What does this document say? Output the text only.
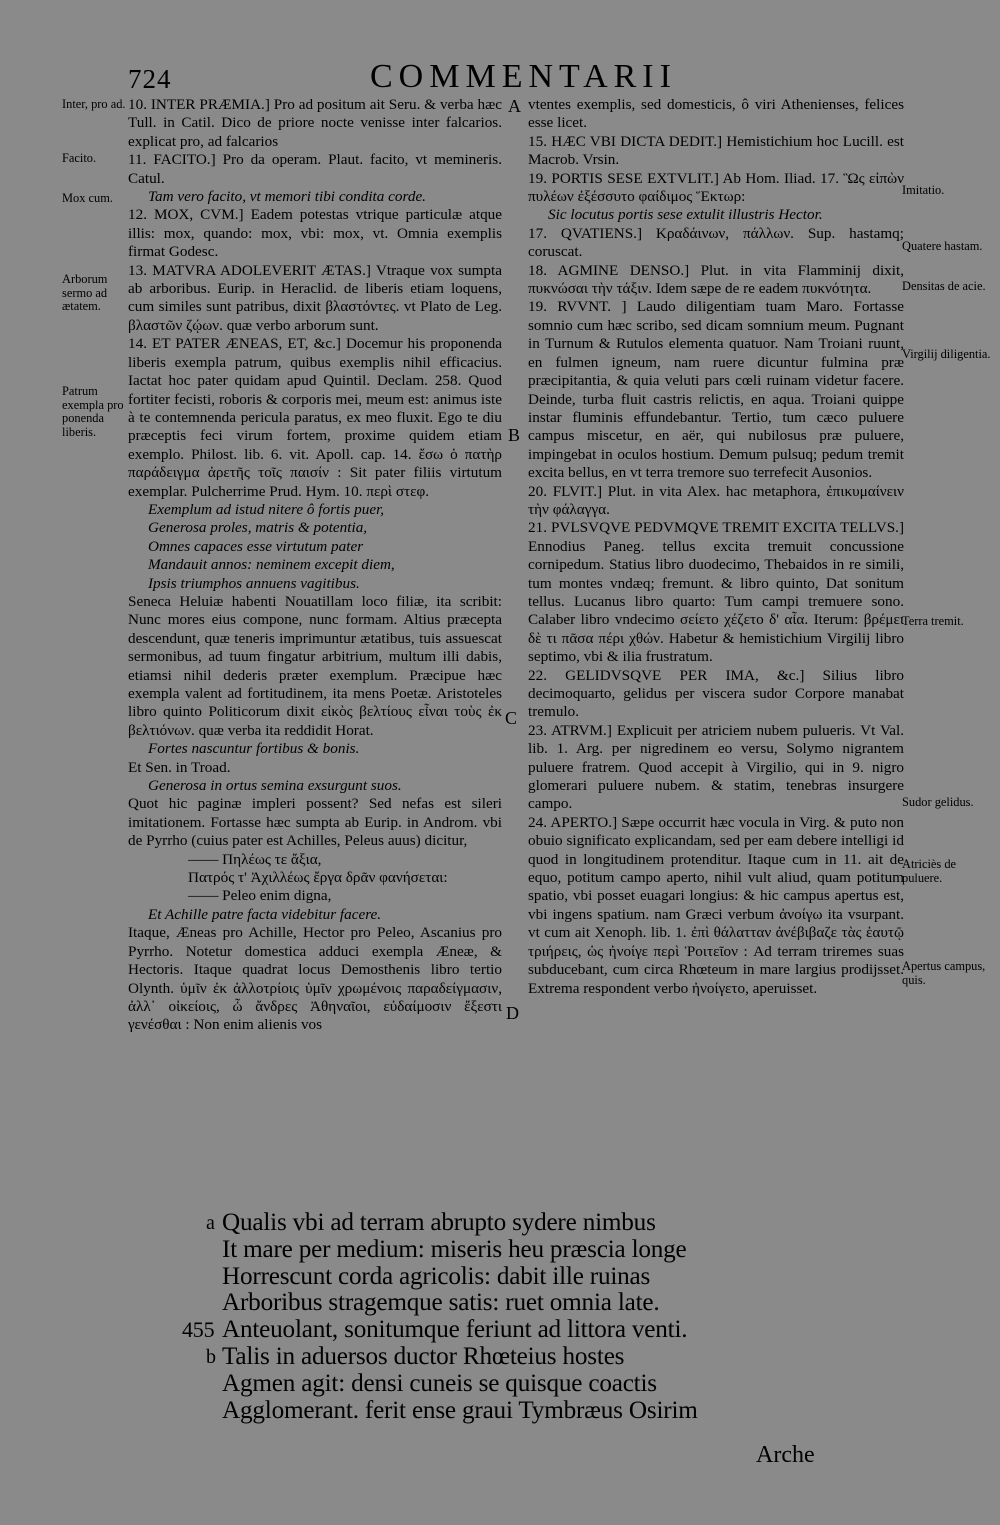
724	COMMENTARII
Inter, pro ad.
Facito.
Mox cum.
Arborum sermo ad ætatem.
Patrum exempla pro ponenda liberis.
Imitatio.
Quatere hastam.
Densitas de acie.
Virgilij diligentia.
Terra tremit.
Sudor gelidus.
Atriciès de puluere.
Apertus campus, quis.
A
B
C
D

10. INTER PRÆMIA.] Pro ad positum ait Seru. & verba hæc Tull. in Catil. Dico de priore nocte venisse inter falcarios. explicat pro, ad falcarios

11. FACITO.] Pro da operam. Plaut. facito, vt memineris. Catul.

Tam vero facito, vt memori tibi condita corde.

12. MOX, CVM.] Eadem potestas vtrique particulæ atque illis: mox, quando: mox, vbi: mox, vt. Omnia exemplis firmat Godesc.

13. MATVRA ADOLEVERIT ÆTAS.] Vtraque vox sumpta ab arboribus. Eurip. in Heraclid. de liberis etiam loquens, cum similes sunt patribus, dixit βλαστόντες. vt Plato de Leg. βλαστῶν ζῴων. quæ verbo arborum sunt.

14. ET PATER ÆNEAS, ET, &c.] Docemur his proponenda liberis exempla patrum, quibus exemplis nihil efficacius. Iactat hoc pater quidam apud Quintil. Declam. 258. Quod fortiter fecisti, roboris & corporis mei, meum est: animus iste à te contemnenda pericula paratus, ex meo fluxit. Ego te diu præceptis feci virum fortem, proxime quidem etiam exemplo. Philost. lib. 6. vit. Apoll. cap. 14. ἔσω ὁ πατὴρ παράδειγμα ἀρετῆς τοῖς παισίν : Sit pater filiis virtutum exemplar. Pulcherrime Prud. Hym. 10. περὶ στεφ.

Exemplum ad istud nitere ô fortis puer,

Generosa proles, matris & potentia,

Omnes capaces esse virtutum pater

Mandauit annos: neminem excepit diem,

Ipsis triumphos annuens vagitibus.

Seneca Heluiæ habenti Nouatillam loco filiæ, ita scribit: Nunc mores eius compone, nunc formam. Altius præcepta descendunt, quæ teneris imprimuntur ætatibus, tuis assuescat sermonibus, ad tuum fingatur arbitrium, multum illi dabis, etiamsi nihil dederis præter exemplum. Præcipue hæc exempla valent ad fortitudinem, ita mens Poetæ. Aristoteles libro quinto Politicorum dixit εἰκὸς βελτίους εἶναι τοὺς ἐκ βελτιόνων. quæ verba ita reddidit Horat.

Fortes nascuntur fortibus & bonis.

Et Sen. in Troad.

Generosa in ortus semina exsurgunt suos.

Quot hic paginæ impleri possent? Sed nefas est sileri imitationem. Fortasse hæc sumpta ab Eurip. in Androm. vbi de Pyrrho (cuius pater est Achilles, Peleus auus) dicitur,

—— Πηλέως τε ἄξια,

Πατρός τ' Ἀχιλλέως ἔργα δρᾶν φανήσεται:

—— Peleo enim digna,

Et Achille patre facta videbitur facere.

Itaque, Æneas pro Achille, Hector pro Peleo, Ascanius pro Pyrrho. Notetur domestica adduci exempla Æneæ, & Hectoris. Itaque quadrat locus Demosthenis libro tertio Olynth. ὑμῖν ἐκ ἀλλοτρίοις ὑμῖν χρωμένοις παραδείγμασιν, ἀλλ᾽ οἰκείοις, ὦ ἄνδρες Ἀθηναῖοι, εὐδαίμοσιν ἔξεστι γενέσθαι : Non enim alienis vos

vtentes exemplis, sed domesticis, ô viri Athenienses, felices esse licet.

15. HÆC VBI DICTA DEDIT.] Hemistichium hoc Lucill. est Macrob. Vrsin.

19. PORTIS SESE EXTVLIT.] Ab Hom. Iliad. 17. Ὣς εἰπὼν πυλέων ἐξέσσυτο φαίδιμος Ἕκτωρ:

Sic locutus portis sese extulit illustris Hector.

17. QVATIENS.] Κραδάινων, πάλλων. Sup. hastamq; coruscat.

18. AGMINE DENSO.] Plut. in vita Flamminij dixit, πυκνώσαι τὴν τάξιν. Idem sæpe de re eadem πυκνότητα.

19. RVVNT. ] Laudo diligentiam tuam Maro. Fortasse somnio cum hæc scribo, sed dicam somnium meum. Pugnant in Turnum & Rutulos elementa quatuor. Nam Troiani ruunt, en fulmen igneum, nam ruere dicuntur fulmina præ præcipitantia, & quia veluti pars cœli ruinam videtur facere. Deinde, turba fluit castris relictis, en aqua. Troiani quippe instar fluminis effundebantur. Tertio, tum cæco puluere campus miscetur, en aër, qui nubilosus præ puluere, impingebat in oculos hostium. Demum pulsuq; pedum tremit excita bellus, en vt terra tremore suo terrefecit Ausonios.

20. FLVIT.] Plut. in vita Alex. hac metaphora, ἐπικυμαίνειν τὴν φάλαγγα.

21. PVLSVQVE PEDVMQVE TREMIT EXCITA TELLVS.] Ennodius Paneg. tellus excita tremuit concussione cornipedum. Statius libro duodecimo, Thebaidos in re simili, tum montes vndæq; fremunt. & libro quinto, Dat sonitum tellus. Lucanus libro quarto: Tum campi tremuere sono. Calaber libro vndecimo σείετο χέζετο δ' αἶα. Iterum: βρέμει δὲ τι πᾶσα πέρι χθών. Habetur & hemistichium Virgilij libro septimo, vbi & ilia frustratum.

22. GELIDVSQVE PER IMA, &c.] Silius libro decimoquarto, gelidus per viscera sudor Corpore manabat tremulo.

23. ATRVM.] Explicuit per atriciem nubem pulueris. Vt Val. lib. 1. Arg. per nigredinem eo versu, Solymo nigrantem puluere fratrem. Quod accepit à Virgilio, qui in 9. nigro glomerari puluere nubem. & statim, tenebras insurgere campo.

24. APERTO.] Sæpe occurrit hæc vocula in Virg. & puto non obuio significato explicandam, sed per eam debere intelligi id quod in longitudinem protenditur. Itaque cum in 11. ait de equo, potitum campo aperto, nihil vult aliud, quam potitum spatio, vbi posset euagari longius: & hic campus apertus est, vbi ingens spatium. nam Græci verbum ἀνοίγω ita vsurpant. vt cum ait Xenoph. lib. 1. ἐπὶ θάλατταν ἀνέβιβαζε τὰς ἑαυτῷ τριήρεις, ὡς ἠνοίγε περὶ Ῥοιτεῖον : Ad terram triremes suas subducebant, cum circa Rhœteum in mare largius prodijsset. Extrema respondent verbo ἠνοίγετο, aperuisset.

a Qualis vbi ad terram abrupto sydere nimbus
It mare per medium: miseris heu præscia longe
Horrescunt corda agricolis: dabit ille ruinas
Arboribus stragemque satis: ruet omnia late.
455 Anteuolant, sonitumque feriunt ad littora venti.
b Talis in aduersos ductor Rhœteius hostes
Agmen agit: densi cuneis se quisque coactis
Agglomerant. ferit ense graui Tymbræus Osirim
Arche
